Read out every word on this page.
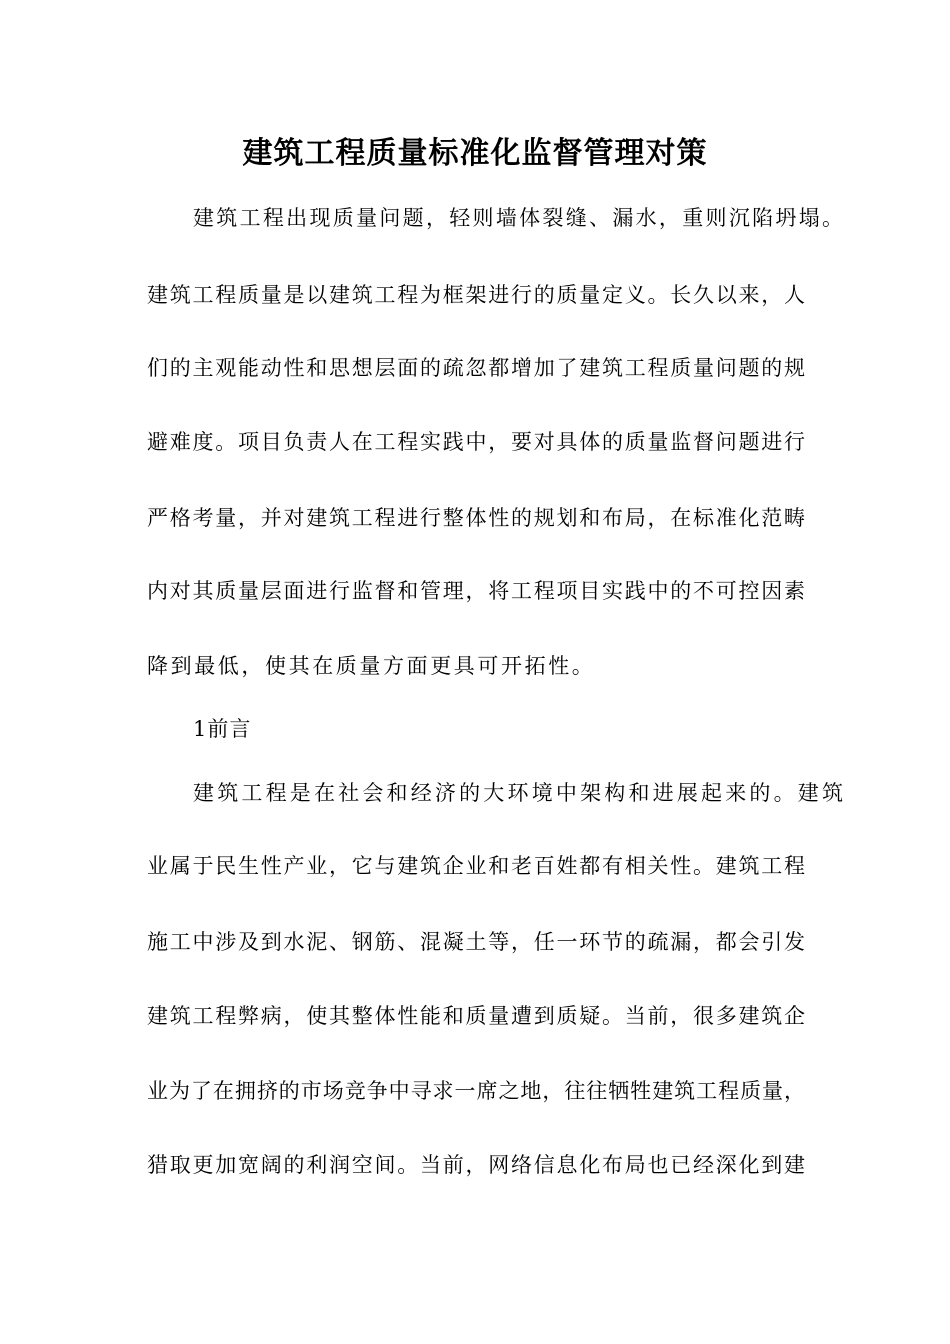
建筑工程质量标准化监督管理对策
建筑工程出现质量问题，轻则墙体裂缝、漏水，重则沉陷坍塌。
建筑工程质量是以建筑工程为框架进行的质量定义。长久以来，人
们的主观能动性和思想层面的疏忽都增加了建筑工程质量问题的规
避难度。项目负责人在工程实践中，要对具体的质量监督问题进行
严格考量，并对建筑工程进行整体性的规划和布局，在标准化范畴
内对其质量层面进行监督和管理，将工程项目实践中的不可控因素
降到最低，使其在质量方面更具可开拓性。
1前言
建筑工程是在社会和经济的大环境中架构和进展起来的。建筑
业属于民生性产业，它与建筑企业和老百姓都有相关性。建筑工程
施工中涉及到水泥、钢筋、混凝土等，任一环节的疏漏，都会引发
建筑工程弊病，使其整体性能和质量遭到质疑。当前，很多建筑企
业为了在拥挤的市场竞争中寻求一席之地，往往牺牲建筑工程质量，
猎取更加宽阔的利润空间。当前，网络信息化布局也已经深化到建
